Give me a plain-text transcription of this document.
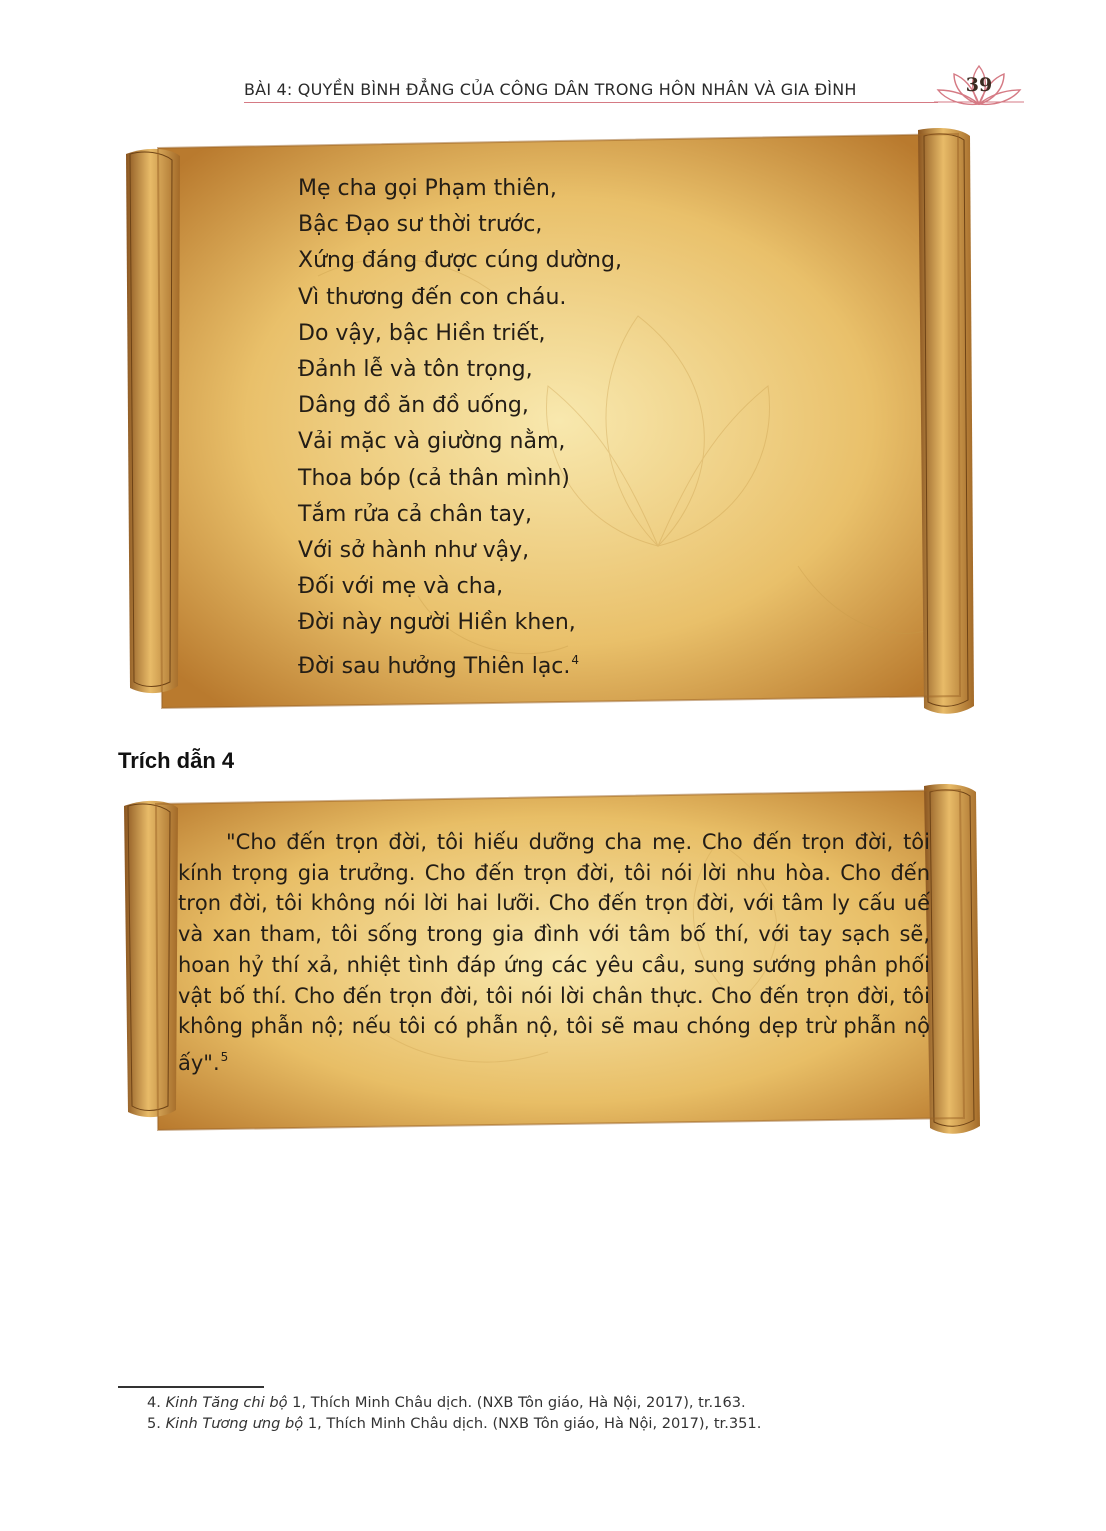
BÀI 4: QUYỀN BÌNH ĐẲNG CỦA CÔNG DÂN TRONG HÔN NHÂN VÀ GIA ĐÌNH	39
Mẹ cha gọi Phạm thiên,
Bậc Đạo sư thời trước,
Xứng đáng được cúng dường,
Vì thương đến con cháu.
Do vậy, bậc Hiền triết,
Đảnh lễ và tôn trọng,
Dâng đồ ăn đồ uống,
Vải mặc và giường nằm,
Thoa bóp (cả thân mình)
Tắm rửa cả chân tay,
Với sở hành như vậy,
Đối với mẹ và cha,
Đời này người Hiền khen,
Đời sau hưởng Thiên lạc.$^4$
Trích dẫn 4

"Cho đến trọn đời, tôi hiếu dưỡng cha mẹ. Cho đến trọn đời, tôi kính trọng gia trưởng. Cho đến trọn đời, tôi nói lời nhu hòa. Cho đến trọn đời, tôi không nói lời hai lưỡi. Cho đến trọn đời, với tâm ly cấu uế và xan tham, tôi sống trong gia đình với tâm bố thí, với tay sạch sẽ, hoan hỷ thí xả, nhiệt tình đáp ứng các yêu cầu, sung sướng phân phối vật bố thí. Cho đến trọn đời, tôi nói lời chân thực. Cho đến trọn đời, tôi không phẫn nộ; nếu tôi có phẫn nộ, tôi sẽ mau chóng dẹp trừ phẫn nộ ấy".$^5$

4. Kinh Tăng chi bộ 1, Thích Minh Châu dịch. (NXB Tôn giáo, Hà Nội, 2017), tr.163.
5. Kinh Tương ưng bộ 1, Thích Minh Châu dịch. (NXB Tôn giáo, Hà Nội, 2017), tr.351.
